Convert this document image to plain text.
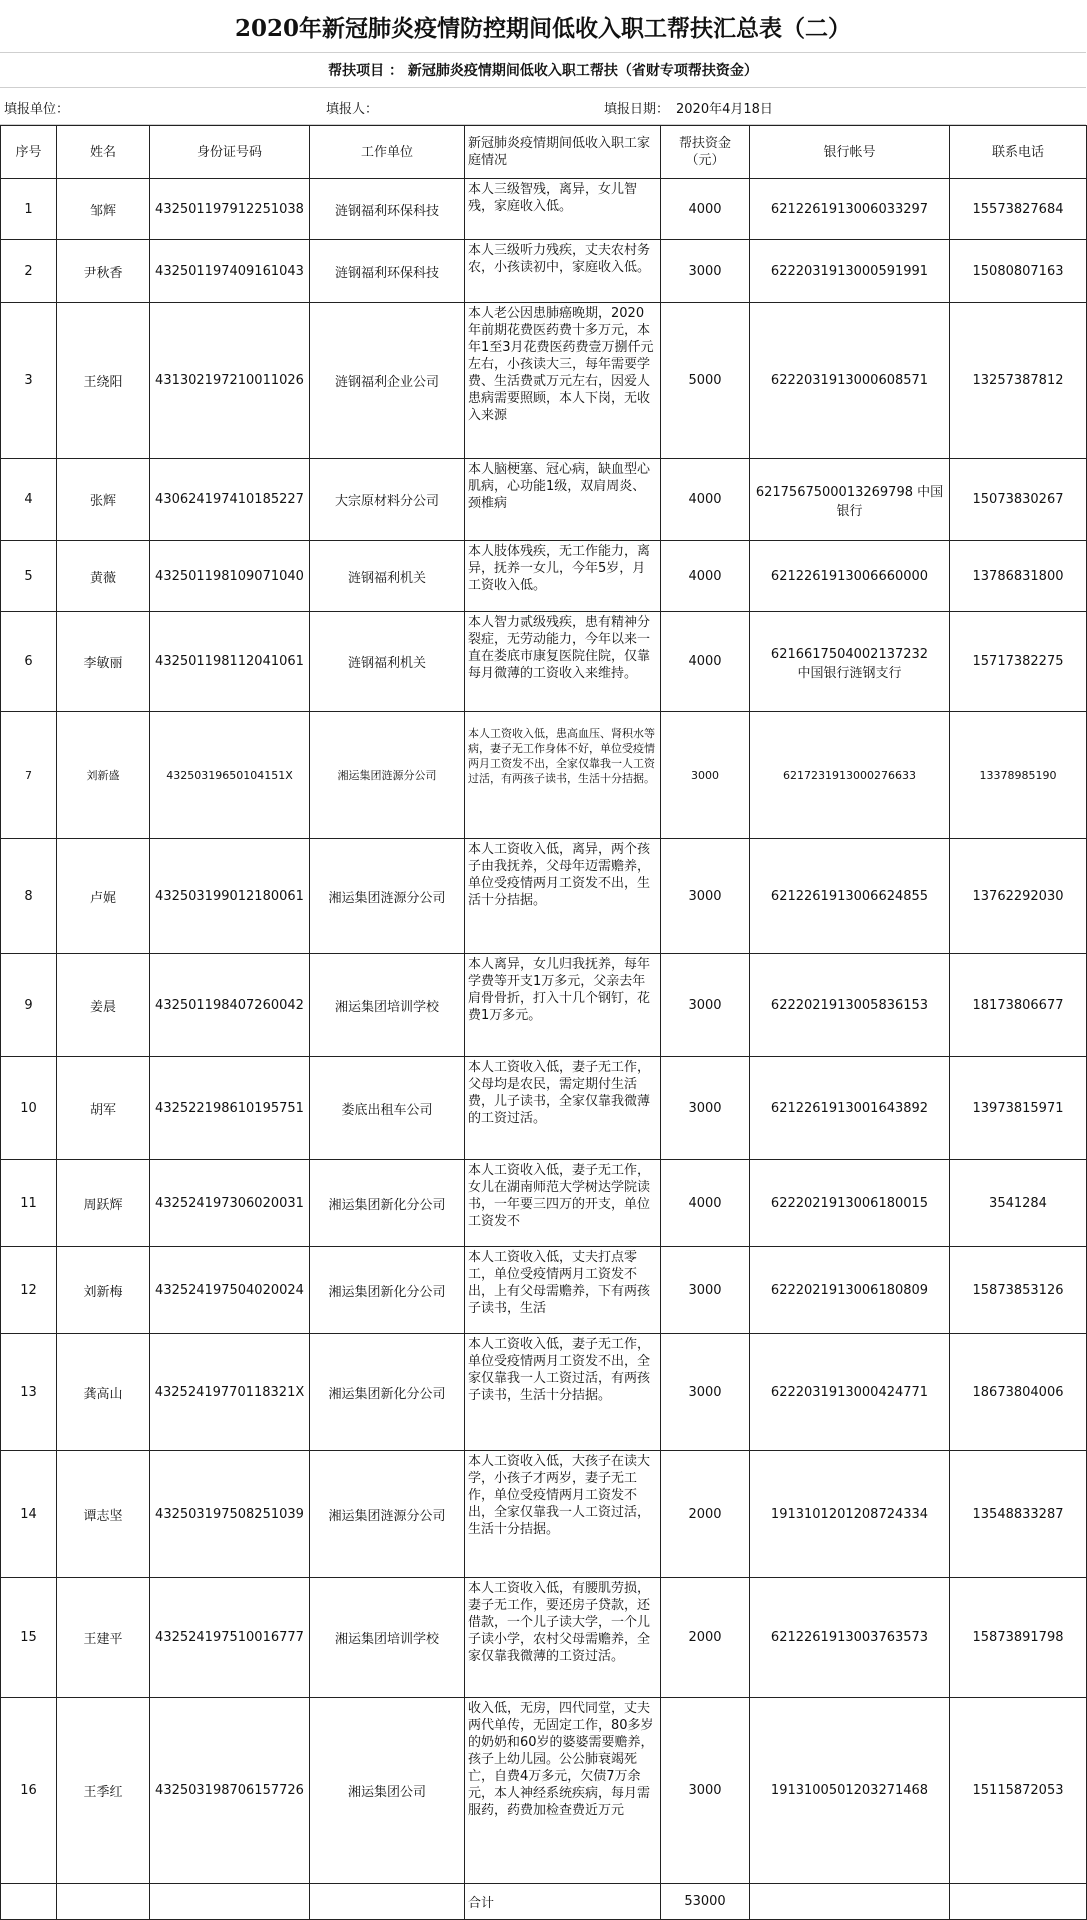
2020年新冠肺炎疫情防控期间低收入职工帮扶汇总表（二）
帮扶项目 ： 新冠肺炎疫情期间低收入职工帮扶（省财专项帮扶资金）
填报单位：	填报人：	填报日期： 2020年4月18日
序号	姓名	身份证号码	工作单位	新冠肺炎疫情期间低收入职工家庭情况	帮扶资金（元）	银行帐号	联系电话
1	邹辉	432501197912251038	涟钢福利环保科技	本人三级智残，离异，女儿智残，家庭收入低。	4000	6212261913006033297	15573827684
2	尹秋香	432501197409161043	涟钢福利环保科技	本人三级听力残疾，丈夫农村务农，小孩读初中，家庭收入低。	3000	6222031913000591991	15080807163
3	王绕阳	431302197210011026	涟钢福利企业公司	本人老公因患肺癌晚期，2020年前期花费医药费十多万元，本年1至3月花费医药费壹万捌仟元左右，小孩读大三，每年需要学费、生活费贰万元左右，因爱人患病需要照顾，本人下岗，无收入来源	5000	6222031913000608571	13257387812
4	张辉	430624197410185227	大宗原材料分公司	本人脑梗塞、冠心病，缺血型心肌病，心功能1级，双肩周炎、颈椎病	4000	6217567500013269798 中国银行	15073830267
5	黄薇	432501198109071040	涟钢福利机关	本人肢体残疾，无工作能力，离异，抚养一女儿，今年5岁，月工资收入低。	4000	6212261913006660000	13786831800
6	李敏丽	432501198112041061	涟钢福利机关	本人智力贰级残疾，患有精神分裂症，无劳动能力，今年以来一直在娄底市康复医院住院，仅靠每月微薄的工资收入来维持。	4000	6216617504002137232　　中国银行涟钢支行	15717382275
7	刘新盛	43250319650104151X	湘运集团涟源分公司	本人工资收入低，患高血压、肾积水等病，妻子无工作身体不好，单位受疫情两月工资发不出，全家仅靠我一人工资过活，有两孩子读书，生活十分拮据。	3000	6217231913000276633	13378985190
8	卢娓	432503199012180061	湘运集团涟源分公司	本人工资收入低，离异，两个孩子由我抚养，父母年迈需赡养，单位受疫情两月工资发不出，生活十分拮据。	3000	6212261913006624855	13762292030
9	姜晨	432501198407260042	湘运集团培训学校	本人离异，女儿归我抚养，每年学费等开支1万多元，父亲去年肩骨骨折，打入十几个钢钉，花费1万多元。	3000	6222021913005836153	18173806677
10	胡军	432522198610195751	娄底出租车公司	本人工资收入低，妻子无工作，父母均是农民，需定期付生活费，儿子读书，全家仅靠我微薄的工资过活。	3000	6212261913001643892	13973815971
11	周跃辉	432524197306020031	湘运集团新化分公司	本人工资收入低，妻子无工作，女儿在湖南师范大学树达学院读书，一年要三四万的开支，单位工资发不	4000	6222021913006180015	3541284
12	刘新梅	432524197504020024	湘运集团新化分公司	本人工资收入低，丈夫打点零工，单位受疫情两月工资发不出，上有父母需赡养，下有两孩子读书，生活	3000	6222021913006180809	15873853126
13	龚高山	43252419770118321X	湘运集团新化分公司	本人工资收入低，妻子无工作，单位受疫情两月工资发不出，全家仅靠我一人工资过活，有两孩子读书，生活十分拮据。	3000	6222031913000424771	18673804006
14	谭志坚	432503197508251039	湘运集团涟源分公司	本人工资收入低，大孩子在读大学，小孩子才两岁，妻子无工作，单位受疫情两月工资发不出，全家仅靠我一人工资过活，生活十分拮据。	2000	1913101201208724334	13548833287
15	王建平	432524197510016777	湘运集团培训学校	本人工资收入低，有腰肌劳损，妻子无工作，要还房子贷款，还借款，一个儿子读大学，一个儿子读小学，农村父母需赡养，全家仅靠我微薄的工资过活。	2000	6212261913003763573	15873891798
16	王季红	432503198706157726	湘运集团公司	收入低，无房，四代同堂，丈夫两代单传，无固定工作，80多岁的奶奶和60岁的婆婆需要赡养，孩子上幼儿园。公公肺衰竭死亡，自费4万多元，欠债7万余元，本人神经系统疾病，每月需服药，药费加检查费近万元	3000	1913100501203271468	15115872053
				合计	53000		
